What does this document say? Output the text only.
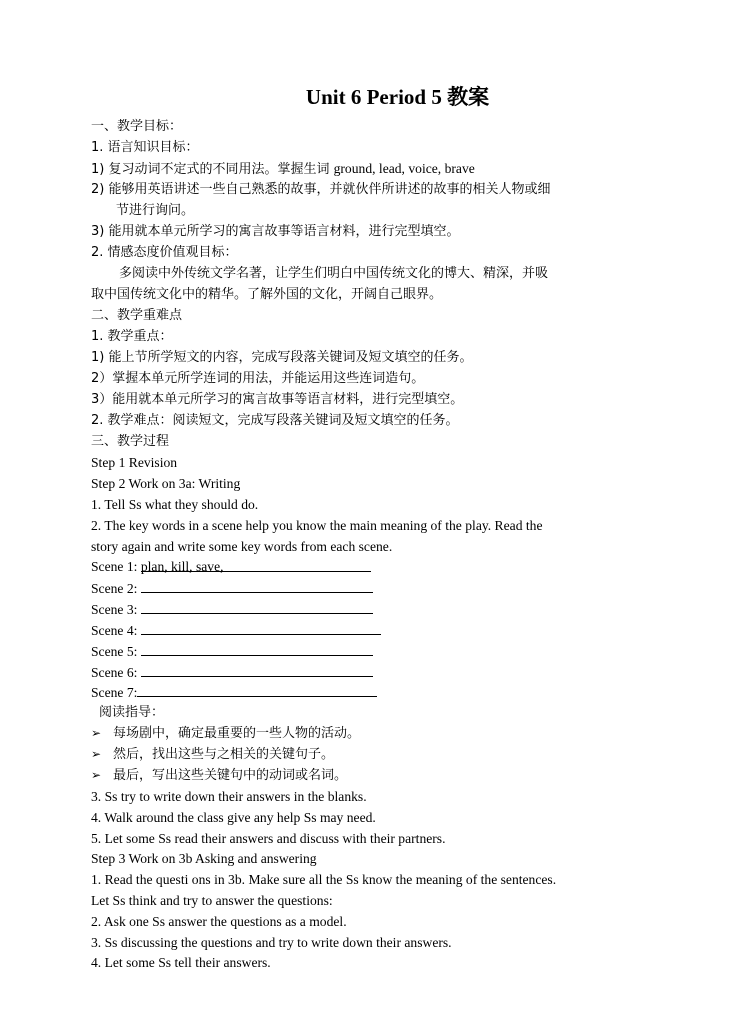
Unit 6 Period 5 教案
一、教学目标：
1. 语言知识目标：
1) 复习动词不定式的不同用法。掌握生词 ground, lead, voice, brave
2) 能够用英语讲述一些自己熟悉的故事，并就伙伴所讲述的故事的相关人物或细
节进行询问。
3) 能用就本单元所学习的寓言故事等语言材料，进行完型填空。
2. 情感态度价值观目标：
多阅读中外传统文学名著，让学生们明白中国传统文化的博大、精深，并吸
取中国传统文化中的精华。了解外国的文化，开阔自己眼界。
二、教学重难点
1. 教学重点：
1) 能上节所学短文的内容，完成写段落关键词及短文填空的任务。
2）掌握本单元所学连词的用法，并能运用这些连词造句。
3）能用就本单元所学习的寓言故事等语言材料，进行完型填空。
2. 教学难点：阅读短文，完成写段落关键词及短文填空的任务。
三、教学过程
Step 1 Revision
Step 2 Work on 3a: Writing
1. Tell Ss what they should do.
2. The key words in a scene help you know the main meaning of the play. Read the
story again and write some key words from each scene.
Scene 1: plan, kill, save,
Scene 2:
Scene 3:
Scene 4:
Scene 5:
Scene 6:
Scene 7:
阅读指导：
➢ 每场剧中，确定最重要的一些人物的活动。
➢ 然后，找出这些与之相关的关键句子。
➢ 最后，写出这些关键句中的动词或名词。
3. Ss try to write down their answers in the blanks.
4. Walk around the class give any help Ss may need.
5. Let some Ss read their answers and discuss with their partners.
Step 3 Work on 3b Asking and answering
1. Read the questi ons in 3b. Make sure all the Ss know the meaning of the sentences.
Let Ss think and try to answer the questions:
2. Ask one Ss answer the questions as a model.
3. Ss discussing the questions and try to write down their answers.
4. Let some Ss tell their answers.
